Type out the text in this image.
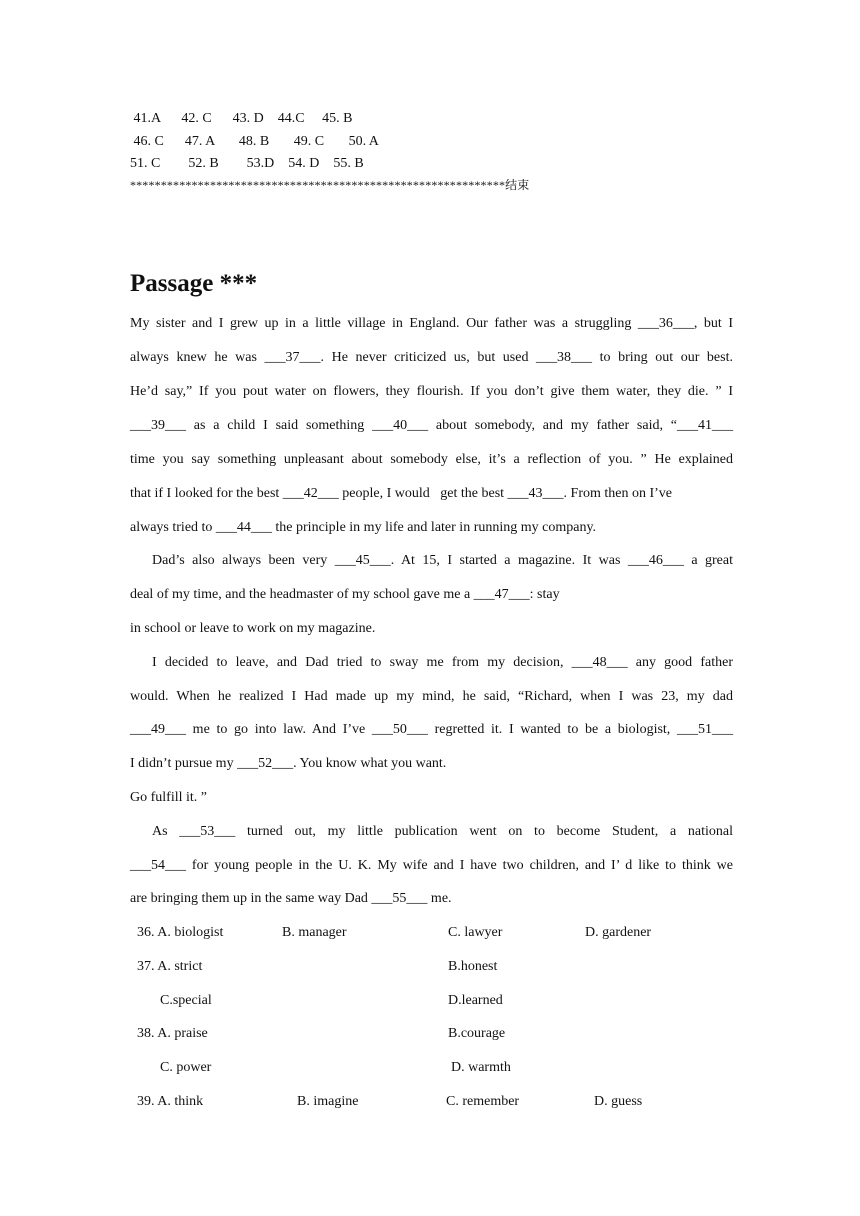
41.A      42. C      43. D    44.C     45. B
46. C      47. A       48. B       49. C       50. A
51. C        52. B        53.D    54. D    55. B
*************************************************************结束
Passage ***
My sister and I grew up in a little village in England. Our father was a struggling ___36___, but I
always knew he was ___37___. He never criticized us, but used ___38___ to bring out our best.
He’d say,” If you pout water on flowers, they flourish. If you don’t give them water, they die. ” I
___39___ as a child I said something ___40___ about somebody, and my father said, “___41___
time you say something unpleasant about somebody else, it’s a reflection of you. ” He explained
that if I looked for the best ___42___ people, I would   get the best ___43___. From then on I’ve
always tried to ___44___ the principle in my life and later in running my company.
Dad’s also always been very ___45___. At 15, I started a magazine. It was ___46___ a great
deal of my time, and the headmaster of my school gave me a ___47___: stay
in school or leave to work on my magazine.
I decided to leave, and Dad tried to sway me from my decision, ___48___ any good father
would. When he realized I Had made up my mind, he said, “Richard, when I was 23, my dad
___49___ me to go into law. And I’ve ___50___ regretted it. I wanted to be a biologist, ___51___
I didn’t pursue my ___52___. You know what you want.
Go fulfill it. ”
As ___53___ turned out, my little publication went on to become Student, a national
___54___ for young people in the U. K. My wife and I have two children, and I’ d like to think we
are bringing them up in the same way Dad ___55___ me.
36. A. biologist	B. manager	C. lawyer	D. gardener
37. A. strict	B.honest
C.special	D.learned
38. A. praise	B.courage
C. power	D. warmth
39. A. think	B. imagine	C. remember	D. guess
